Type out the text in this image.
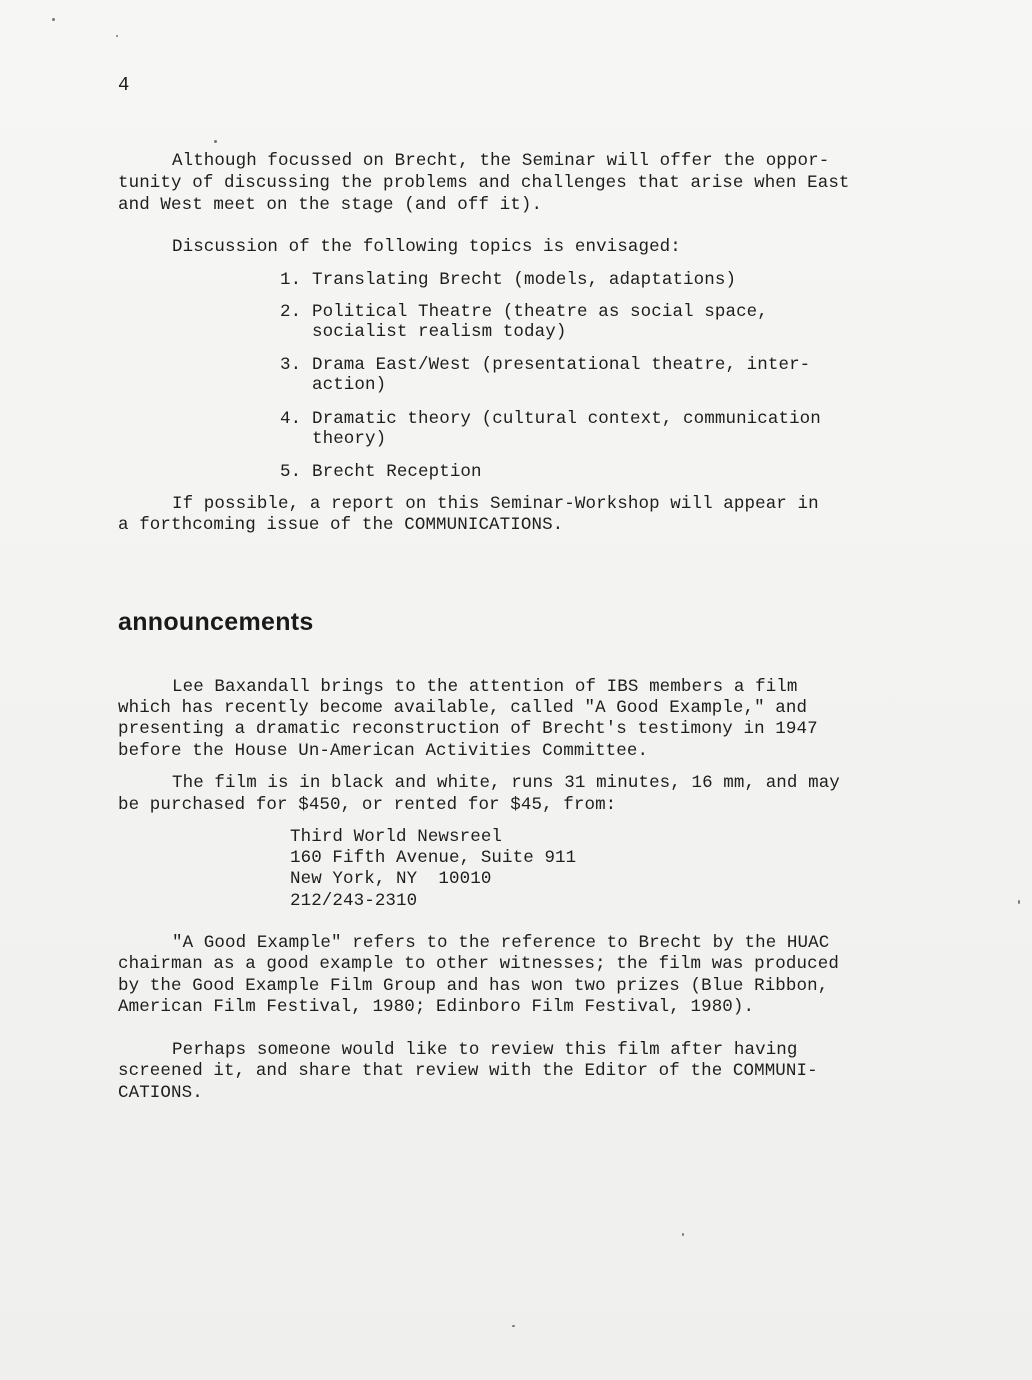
4
Although focussed on Brecht, the Seminar will offer the oppor-
tunity of discussing the problems and challenges that arise when East
and West meet on the stage (and off it).
Discussion of the following topics is envisaged:
1. Translating Brecht (models, adaptations)
2. Political Theatre (theatre as social space,
socialist realism today)
3. Drama East/West (presentational theatre, inter-
action)
4. Dramatic theory (cultural context, communication
theory)
5. Brecht Reception
If possible, a report on this Seminar-Workshop will appear in
a forthcoming issue of the COMMUNICATIONS.
announcements
Lee Baxandall brings to the attention of IBS members a film
which has recently become available, called "A Good Example," and
presenting a dramatic reconstruction of Brecht's testimony in 1947
before the House Un-American Activities Committee.
The film is in black and white, runs 31 minutes, 16 mm, and may
be purchased for $450, or rented for $45, from:
Third World Newsreel
160 Fifth Avenue, Suite 911
New York, NY  10010
212/243-2310
"A Good Example" refers to the reference to Brecht by the HUAC
chairman as a good example to other witnesses; the film was produced
by the Good Example Film Group and has won two prizes (Blue Ribbon,
American Film Festival, 1980; Edinboro Film Festival, 1980).
Perhaps someone would like to review this film after having
screened it, and share that review with the Editor of the COMMUNI-
CATIONS.
